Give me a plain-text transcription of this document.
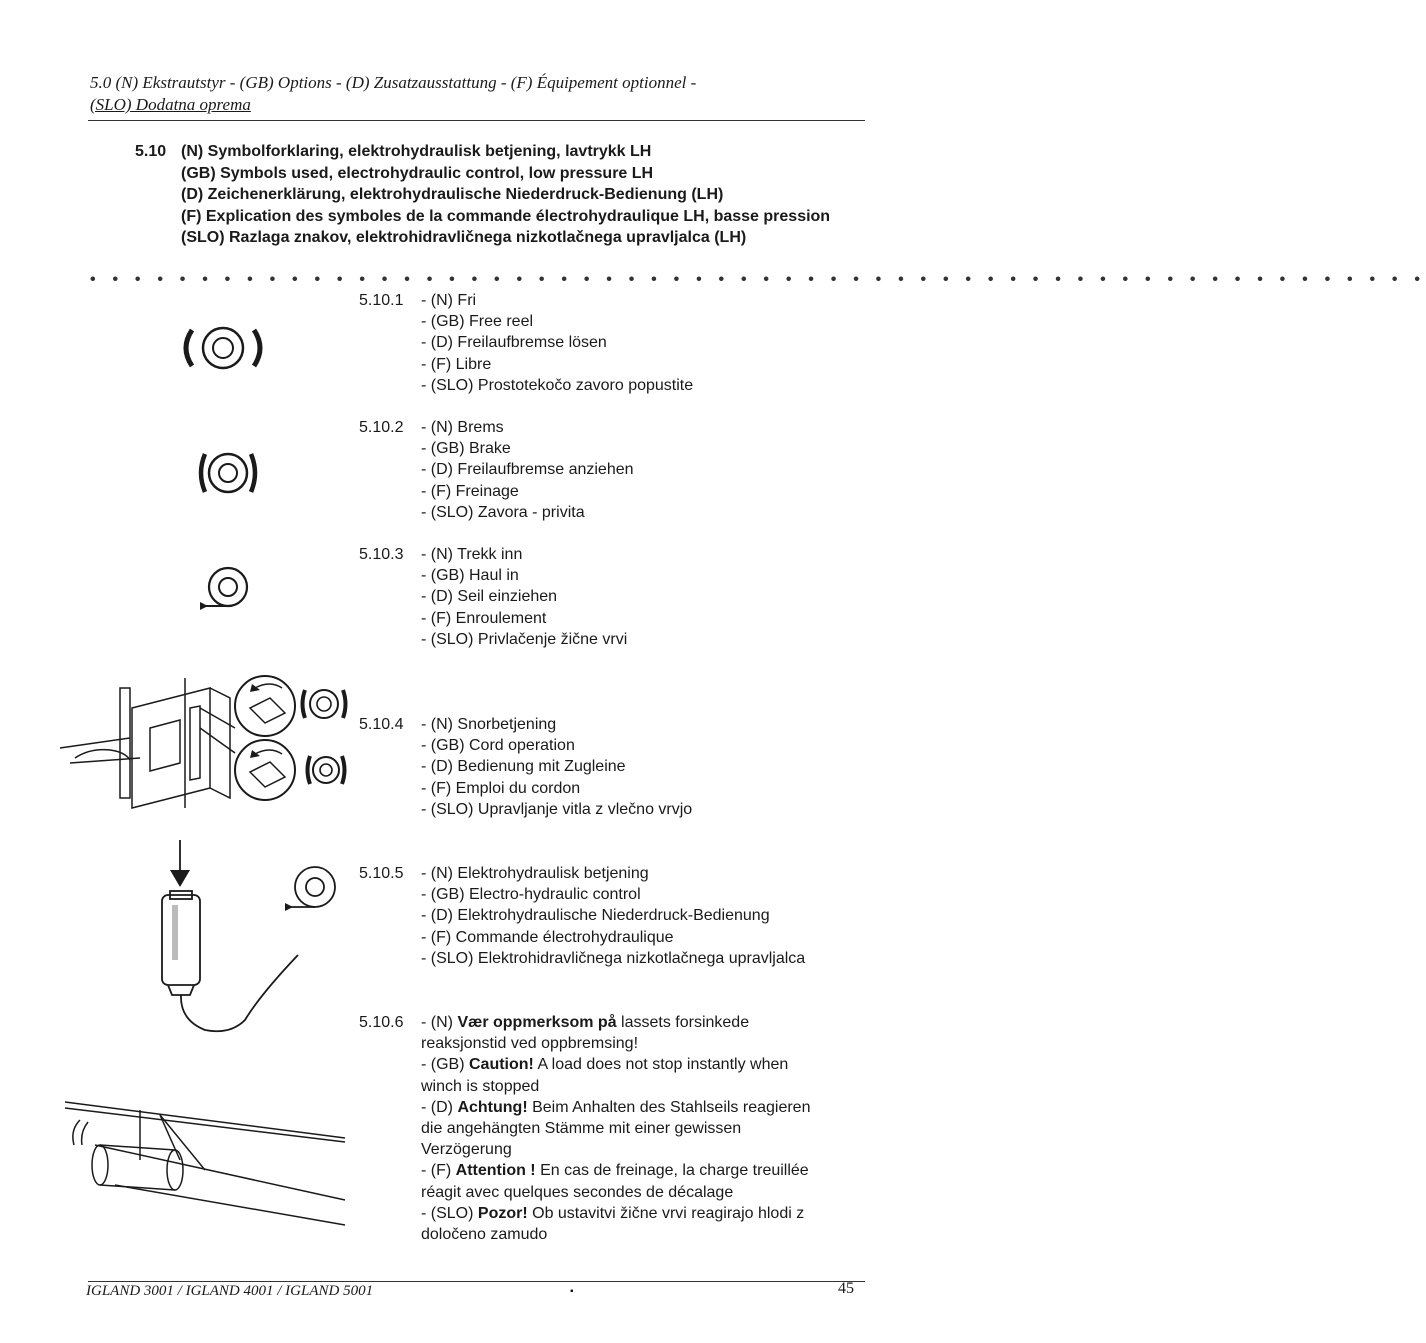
5.0 (N) Ekstrautstyr - (GB) Options - (D) Zusatzausstattung - (F) Équipement optionnel -
(SLO) Dodatna oprema
5.10 (N) Symbolforklaring, elektrohydraulisk betjening, lavtrykk LH
(GB) Symbols used, electrohydraulic control, low pressure LH
(D) Zeichenerklärung, elektrohydraulische Niederdruck-Bedienung (LH)
(F) Explication des symboles de la commande électrohydraulique LH, basse pression
(SLO) Razlaga znakov, elektrohidravličnega nizkotlačnega upravljalca (LH)
• • • • • • • • • • • • • • • • • • • • • • • • • • • • • • • • • • • • • • • • • • • • • • • • • • • • • • • • • • • •
5.10.1	- (N) Fri
- (GB) Free reel
- (D) Freilaufbremse lösen
- (F) Libre
- (SLO) Prostotekočo zavoro popustite
5.10.2	- (N) Brems
- (GB) Brake
- (D) Freilaufbremse anziehen
- (F) Freinage
- (SLO) Zavora - privita
5.10.3	- (N) Trekk inn
- (GB) Haul in
- (D) Seil einziehen
- (F) Enroulement
- (SLO) Privlačenje žične vrvi
5.10.4	- (N) Snorbetjening
- (GB) Cord operation
- (D) Bedienung mit Zugleine
- (F) Emploi du cordon
- (SLO) Upravljanje vitla z vlečno vrvjo
5.10.5	- (N) Elektrohydraulisk betjening
- (GB) Electro-hydraulic control
- (D) Elektrohydraulische Niederdruck-Bedienung
- (F) Commande électrohydraulique
- (SLO) Elektrohidravličnega nizkotlačnega upravljalca
5.10.6	- (N) Vær oppmerksom på lassets forsinkede
reaksjonstid ved oppbremsing!
- (GB) Caution! A load does not stop instantly when
winch is stopped
- (D) Achtung! Beim Anhalten des Stahlseils reagieren
die angehängten Stämme mit einer gewissen
Verzögerung
- (F) Attention ! En cas de freinage, la charge treuillée
réagit avec quelques secondes de décalage
- (SLO) Pozor! Ob ustavitvi žične vrvi reagirajo hlodi z
določeno zamudo
IGLAND 3001 / IGLAND 4001 / IGLAND 5001	▪	45
